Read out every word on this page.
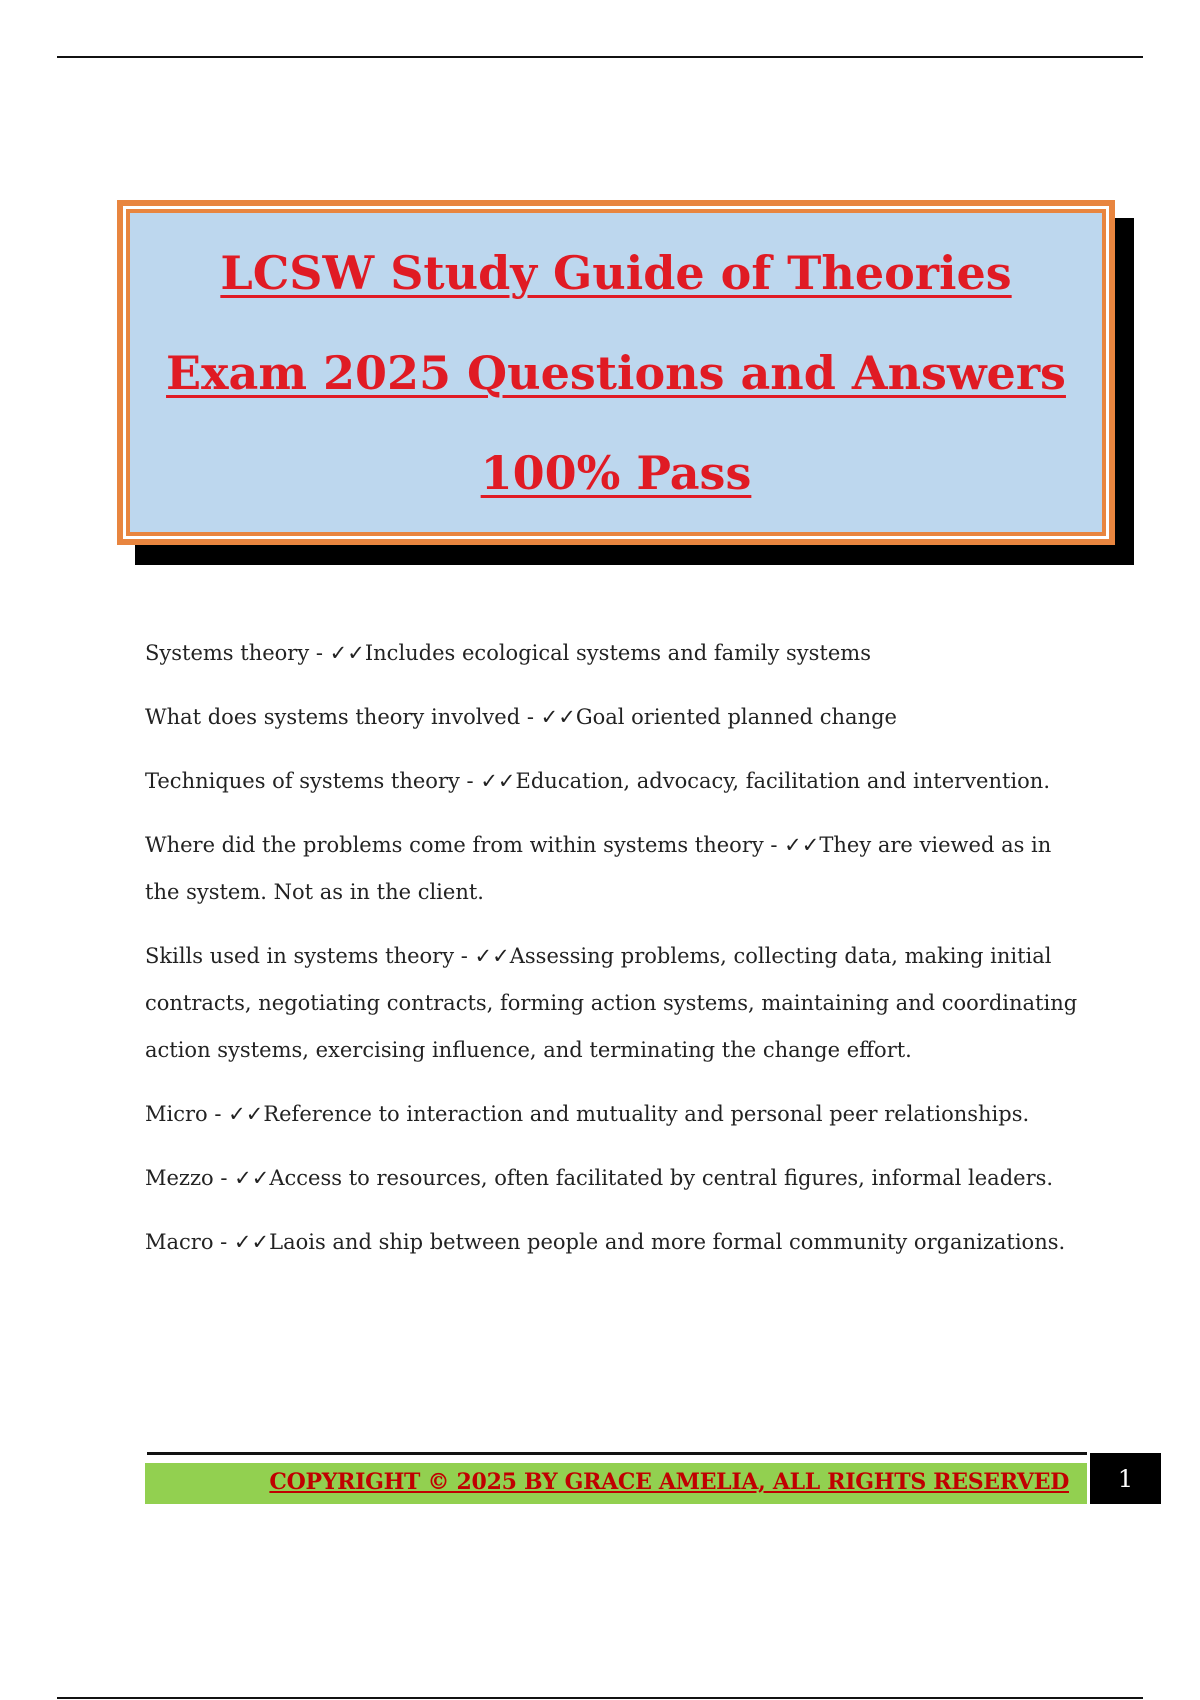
LCSW Study Guide of Theories
Exam 2025 Questions and Answers
100% Pass

Systems theory - ✓✓Includes ecological systems and family systems

What does systems theory involved - ✓✓Goal oriented planned change

Techniques of systems theory - ✓✓Education, advocacy, facilitation and intervention.

Where did the problems come from within systems theory - ✓✓They are viewed as in the system. Not as in the client.

Skills used in systems theory - ✓✓Assessing problems, collecting data, making initial contracts, negotiating contracts, forming action systems, maintaining and coordinating action systems, exercising influence, and terminating the change effort.

Micro - ✓✓Reference to interaction and mutuality and personal peer relationships.

Mezzo - ✓✓Access to resources, often facilitated by central figures, informal leaders.

Macro - ✓✓Laois and ship between people and more formal community organizations.

COPYRIGHT © 2025 BY GRACE AMELIA, ALL RIGHTS RESERVED	1
